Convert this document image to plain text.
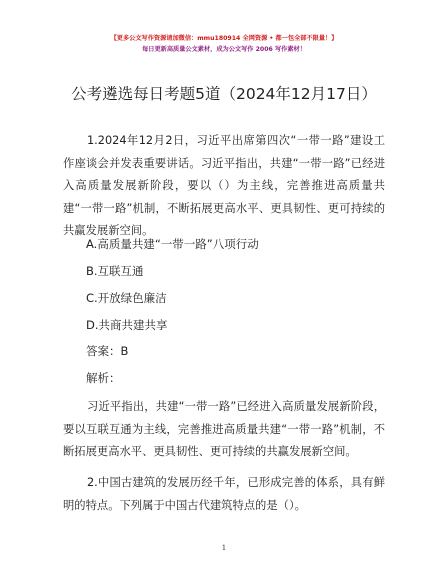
【更多公文写作资源请加微信：mmu180914 全网资源 • 都一包全部不限量！】
每日更新高质量公文素材，成为公文写作 2006 写作素材！
公考遴选每日考题5道（2024年12月17日）
1.2024年12月2日，习近平出席第四次“一带一路”建设工作座谈会并发表重要讲话。习近平指出，共建“一带一路”已经进入高质量发展新阶段，要以（）为主线，完善推进高质量共建“一带一路”机制，不断拓展更高水平、更具韧性、更可持续的共赢发展新空间。
A.高质量共建“一带一路”八项行动
B.互联互通
C.开放绿色廉洁
D.共商共建共享
答案：B
解析：
习近平指出，共建“一带一路”已经进入高质量发展新阶段，要以互联互通为主线，完善推进高质量共建“一带一路”机制，不断拓展更高水平、更具韧性、更可持续的共赢发展新空间。
2.中国古建筑的发展历经千年，已形成完善的体系，具有鲜明的特点。下列属于中国古代建筑特点的是（）。
1
